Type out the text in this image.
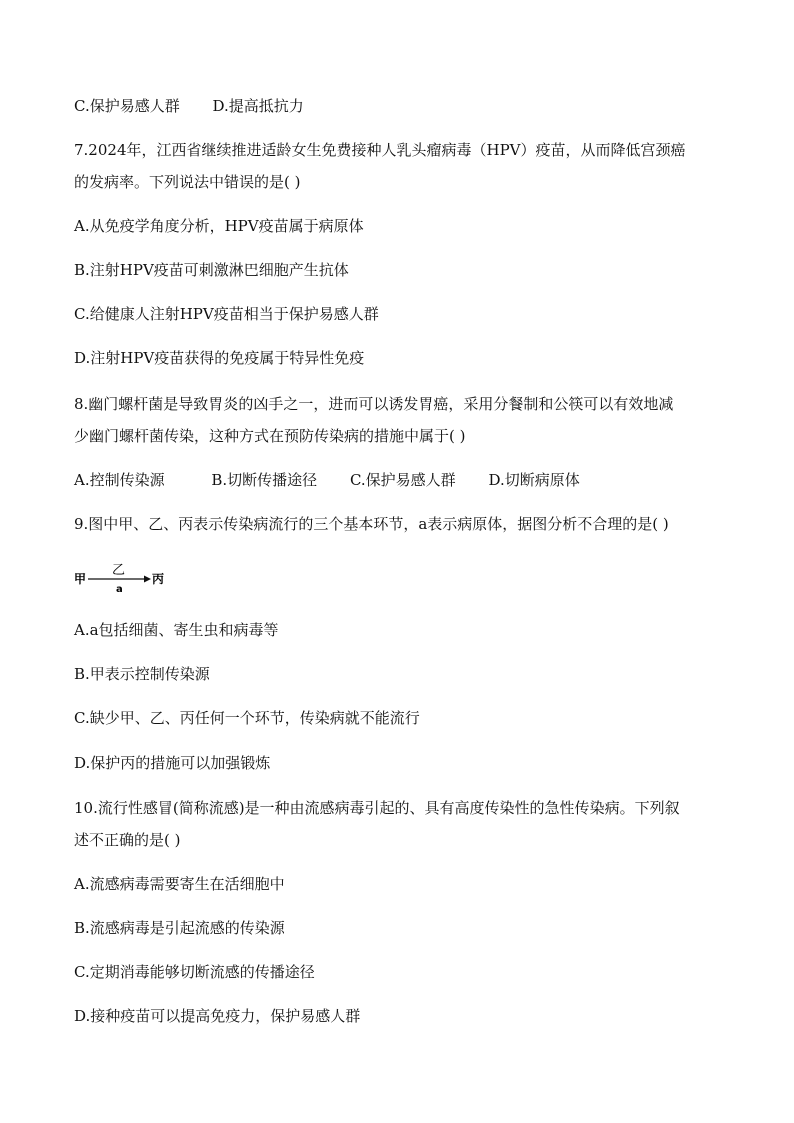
C.保护易感人群 D.提高抵抗力
7.2024年，江西省继续推进适龄女生免费接种人乳头瘤病毒（HPV）疫苗，从而降低宫颈癌
的发病率。下列说法中错误的是( )
A.从免疫学角度分析，HPV疫苗属于病原体
B.注射HPV疫苗可刺激淋巴细胞产生抗体
C.给健康人注射HPV疫苗相当于保护易感人群
D.注射HPV疫苗获得的免疫属于特异性免疫
8.幽门螺杆菌是导致胃炎的凶手之一，进而可以诱发胃癌，采用分餐制和公筷可以有效地减
少幽门螺杆菌传染，这种方式在预防传染病的措施中属于( )
A.控制传染源	B.切断传播途径 C.保护易感人群 D.切断病原体
9.图中甲、乙、丙表示传染病流行的三个基本环节，a表示病原体，据图分析不合理的是( )
甲
乙
a
丙
A.a包括细菌、寄生虫和病毒等
B.甲表示控制传染源
C.缺少甲、乙、丙任何一个环节，传染病就不能流行
D.保护丙的措施可以加强锻炼
10.流行性感冒(简称流感)是一种由流感病毒引起的、具有高度传染性的急性传染病。下列叙
述不正确的是( )
A.流感病毒需要寄生在活细胞中
B.流感病毒是引起流感的传染源
C.定期消毒能够切断流感的传播途径
D.接种疫苗可以提高免疫力，保护易感人群
